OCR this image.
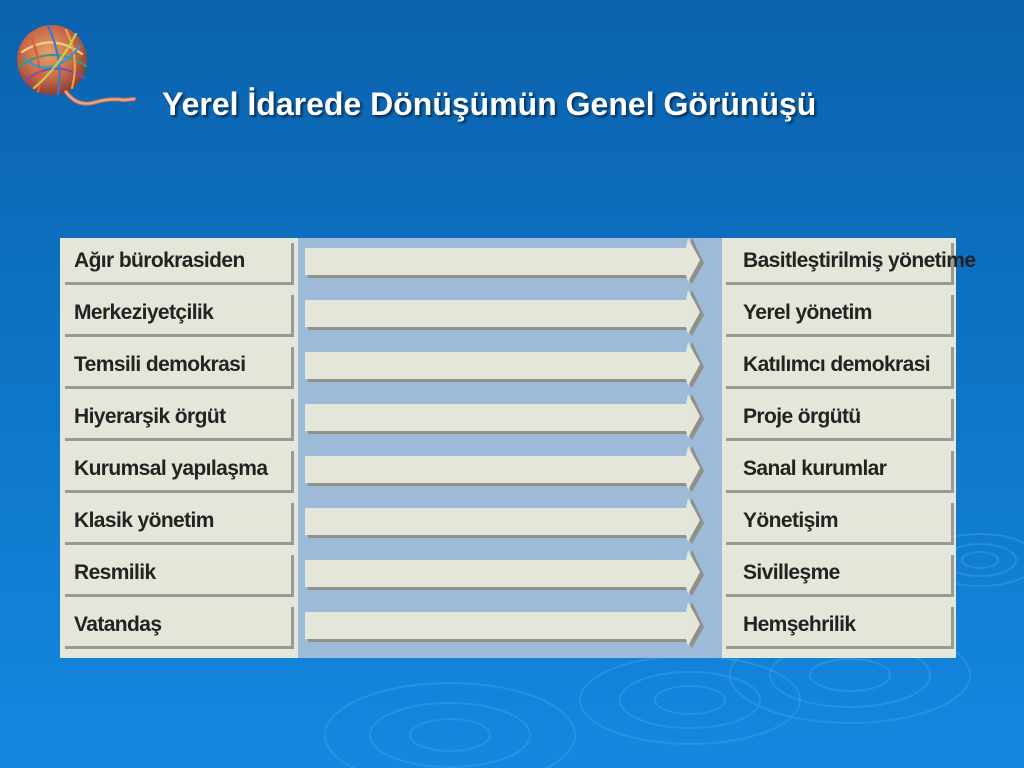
Yerel İdarede Dönüşümün Genel Görünüşü
Ağır bürokrasiden	Basitleştirilmiş yönetime
Merkeziyetçilik	Yerel yönetim
Temsili demokrasi	Katılımcı demokrasi
Hiyerarşik örgüt	Proje örgütü
Kurumsal yapılaşma	Sanal kurumlar
Klasik yönetim	Yönetişim
Resmilik	Sivilleşme
Vatandaş	Hemşehrilik
